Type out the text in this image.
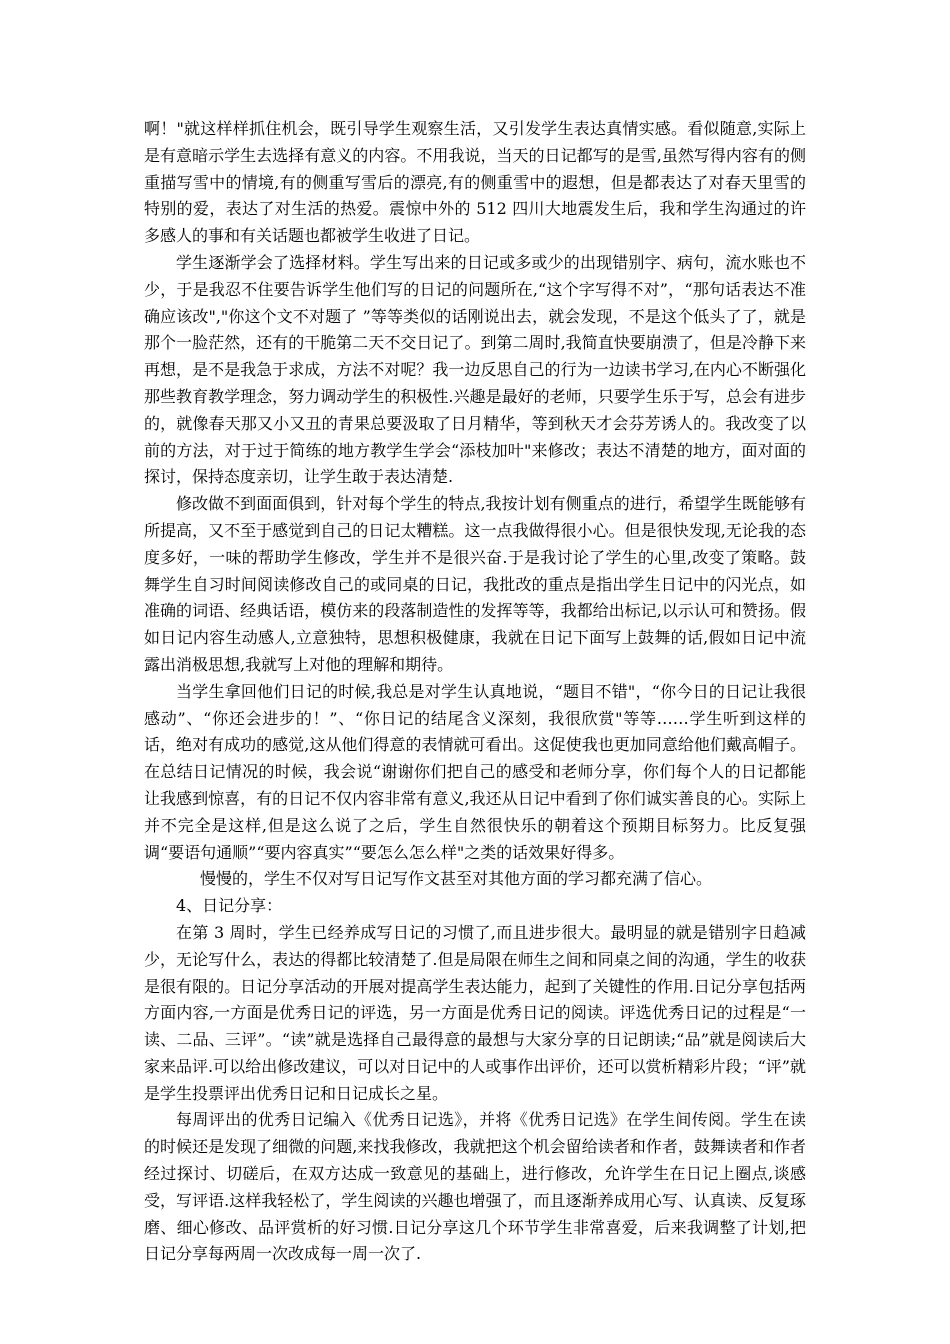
啊！"就这样样抓住机会，既引导学生观察生活，又引发学生表达真情实感。看似随意,实际上是有意暗示学生去选择有意义的内容。不用我说，当天的日记都写的是雪,虽然写得内容有的侧重描写雪中的情境,有的侧重写雪后的漂亮,有的侧重雪中的遐想，但是都表达了对春天里雪的特别的爱，表达了对生活的热爱。震惊中外的 512 四川大地震发生后，我和学生沟通过的许多感人的事和有关话题也都被学生收进了日记。

学生逐渐学会了选择材料。学生写出来的日记或多或少的出现错别字、病句，流水账也不少，于是我忍不住要告诉学生他们写的日记的问题所在,“这个字写得不对”，“那句话表达不准确应该改","你这个文不对题了 ”等等类似的话刚说出去，就会发现，不是这个低头了了，就是那个一脸茫然，还有的干脆第二天不交日记了。到第二周时,我简直快要崩溃了，但是冷静下来再想，是不是我急于求成，方法不对呢？我一边反思自己的行为一边读书学习,在内心不断强化那些教育教学理念，努力调动学生的积极性.兴趣是最好的老师，只要学生乐于写，总会有进步的，就像春天那又小又丑的青果总要汲取了日月精华，等到秋天才会芬芳诱人的。我改变了以前的方法，对于过于简练的地方教学生学会“添枝加叶"来修改；表达不清楚的地方，面对面的探讨，保持态度亲切，让学生敢于表达清楚.

修改做不到面面俱到，针对每个学生的特点,我按计划有侧重点的进行，希望学生既能够有所提高，又不至于感觉到自己的日记太糟糕。这一点我做得很小心。但是很快发现,无论我的态度多好，一味的帮助学生修改，学生并不是很兴奋.于是我讨论了学生的心里,改变了策略。鼓舞学生自习时间阅读修改自己的或同桌的日记，我批改的重点是指出学生日记中的闪光点，如准确的词语、经典话语，模仿来的段落制造性的发挥等等，我都给出标记,以示认可和赞扬。假如日记内容生动感人,立意独特，思想积极健康，我就在日记下面写上鼓舞的话,假如日记中流露出消极思想,我就写上对他的理解和期待。

当学生拿回他们日记的时候,我总是对学生认真地说，“题目不错"，“你今日的日记让我很感动”、“你还会进步的！”、“你日记的结尾含义深刻，我很欣赏"等等……学生听到这样的话，绝对有成功的感觉,这从他们得意的表情就可看出。这促使我也更加同意给他们戴高帽子。在总结日记情况的时候，我会说“谢谢你们把自己的感受和老师分享，你们每个人的日记都能让我感到惊喜，有的日记不仅内容非常有意义,我还从日记中看到了你们诚实善良的心。实际上并不完全是这样,但是这么说了之后，学生自然很快乐的朝着这个预期目标努力。比反复强调“要语句通顺”“要内容真实”“要怎么怎么样"之类的话效果好得多。

慢慢的，学生不仅对写日记写作文甚至对其他方面的学习都充满了信心。

4、日记分享：

在第 3 周时，学生已经养成写日记的习惯了,而且进步很大。最明显的就是错别字日趋减少，无论写什么，表达的得都比较清楚了.但是局限在师生之间和同桌之间的沟通，学生的收获是很有限的。日记分享活动的开展对提高学生表达能力，起到了关键性的作用.日记分享包括两方面内容,一方面是优秀日记的评选，另一方面是优秀日记的阅读。评选优秀日记的过程是“一读、二品、三评”。“读”就是选择自己最得意的最想与大家分享的日记朗读;“品”就是阅读后大家来品评.可以给出修改建议，可以对日记中的人或事作出评价，还可以赏析精彩片段；“评”就是学生投票评出优秀日记和日记成长之星。

每周评出的优秀日记编入《优秀日记选》，并将《优秀日记选》在学生间传阅。学生在读的时候还是发现了细微的问题,来找我修改，我就把这个机会留给读者和作者，鼓舞读者和作者经过探讨、切磋后，在双方达成一致意见的基础上，进行修改，允许学生在日记上圈点,谈感受，写评语.这样我轻松了，学生阅读的兴趣也增强了，而且逐渐养成用心写、认真读、反复琢磨、细心修改、品评赏析的好习惯.日记分享这几个环节学生非常喜爱，后来我调整了计划,把日记分享每两周一次改成每一周一次了.
